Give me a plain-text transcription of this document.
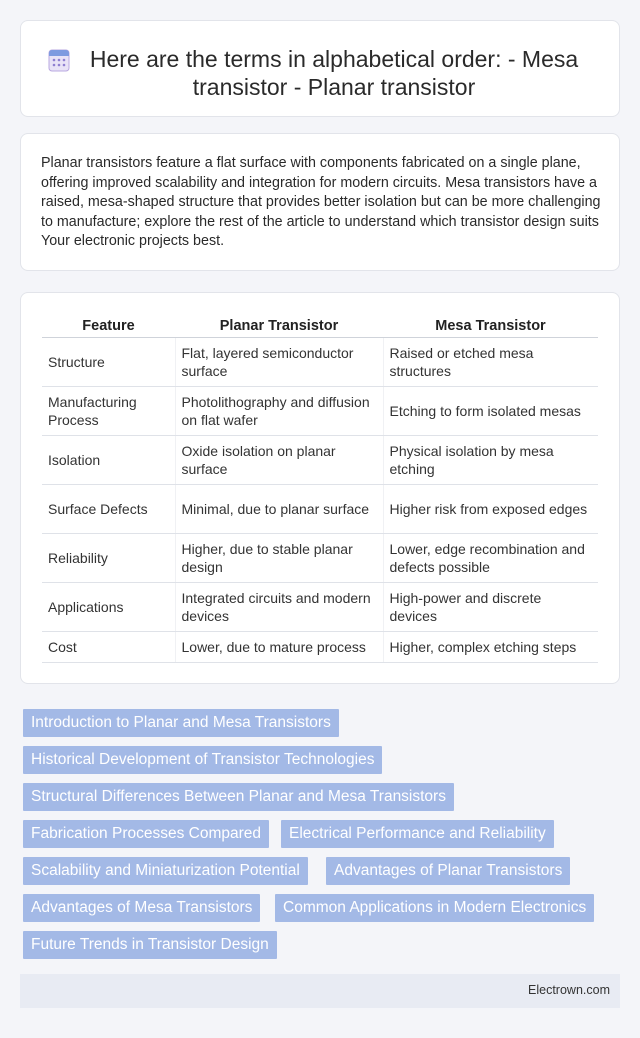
Here are the terms in alphabetical order: - Mesa transistor - Planar transistor

Planar transistors feature a flat surface with components fabricated on a single plane, offering improved scalability and integration for modern circuits. Mesa transistors have a raised, mesa-shaped structure that provides better isolation but can be more challenging to manufacture; explore the rest of the article to understand which transistor design suits Your electronic projects best.

Feature	Planar Transistor	Mesa Transistor
Structure	Flat, layered semiconductor surface	Raised or etched mesa structures
Manufacturing Process	Photolithography and diffusion on flat wafer	Etching to form isolated mesas
Isolation	Oxide isolation on planar surface	Physical isolation by mesa etching
Surface Defects	Minimal, due to planar surface	Higher risk from exposed edges
Reliability	Higher, due to stable planar design	Lower, edge recombination and defects possible
Applications	Integrated circuits and modern devices	High-power and discrete devices
Cost	Lower, due to mature process	Higher, complex etching steps
Introduction to Planar and Mesa Transistors
Historical Development of Transistor Technologies
Structural Differences Between Planar and Mesa Transistors
Fabrication Processes Compared	Electrical Performance and Reliability
Scalability and Miniaturization Potential	Advantages of Planar Transistors
Advantages of Mesa Transistors	Common Applications in Modern Electronics
Future Trends in Transistor Design
Electrown.com
